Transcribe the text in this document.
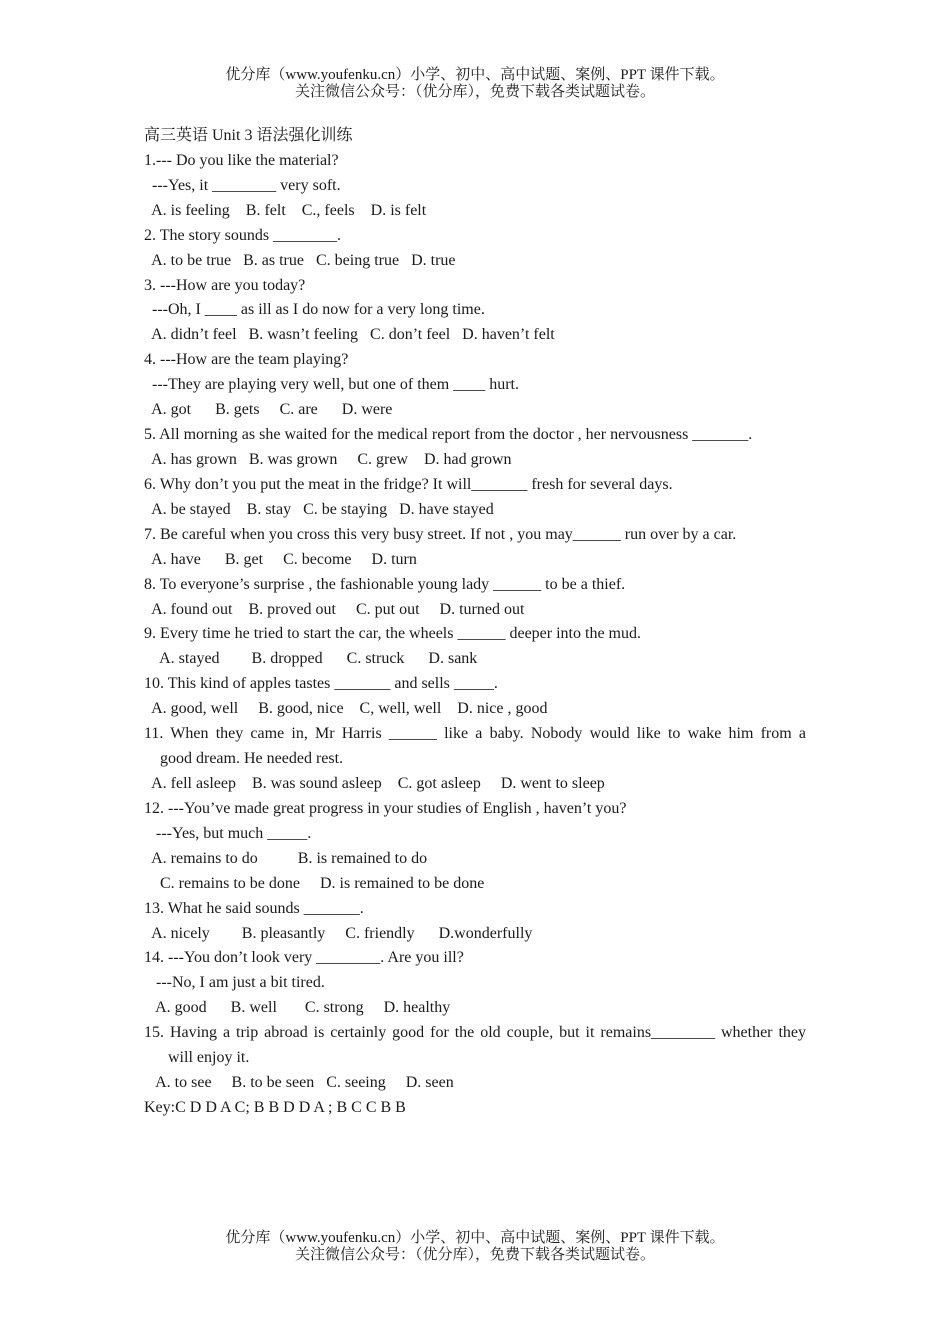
优分库（www.youfenku.cn）小学、初中、高中试题、案例、PPT 课件下载。
关注微信公众号：（优分库），免费下载各类试题试卷。
高三英语 Unit 3 语法强化训练
1.--- Do you like the material?
---Yes, it ________ very soft.
A. is feeling    B. felt    C., feels    D. is felt
2. The story sounds ________.
A. to be true   B. as true   C. being true   D. true
3. ---How are you today?
---Oh, I ____ as ill as I do now for a very long time.
A. didn’t feel   B. wasn’t feeling   C. don’t feel   D. haven’t felt
4. ---How are the team playing?
---They are playing very well, but one of them ____ hurt.
A. got      B. gets     C. are      D. were
5. All morning as she waited for the medical report from the doctor , her nervousness _______.
A. has grown   B. was grown     C. grew    D. had grown
6. Why don’t you put the meat in the fridge? It will_______ fresh for several days.
A. be stayed    B. stay   C. be staying   D. have stayed
7. Be careful when you cross this very busy street. If not , you may______ run over by a car.
A. have      B. get     C. become     D. turn
8. To everyone’s surprise , the fashionable young lady ______ to be a thief.
A. found out    B. proved out     C. put out     D. turned out
9. Every time he tried to start the car, the wheels ______ deeper into the mud.
A. stayed        B. dropped      C. struck      D. sank
10. This kind of apples tastes _______ and sells _____.
A. good, well     B. good, nice    C, well, well    D. nice , good
11. When they came in, Mr Harris ______ like a baby. Nobody would like to wake him from a
good dream. He needed rest.
A. fell asleep    B. was sound asleep    C. got asleep     D. went to sleep
12. ---You’ve made great progress in your studies of English , haven’t you?
---Yes, but much _____.
A. remains to do          B. is remained to do
C. remains to be done     D. is remained to be done
13. What he said sounds _______.
A. nicely        B. pleasantly     C. friendly      D.wonderfully
14. ---You don’t look very ________. Are you ill?
---No, I am just a bit tired.
A. good      B. well       C. strong     D. healthy
15. Having a trip abroad is certainly good for the old couple, but it remains________ whether they
will enjoy it.
A. to see     B. to be seen   C. seeing     D. seen
Key:C D D A C; B B D D A ; B C C B B
优分库（www.youfenku.cn）小学、初中、高中试题、案例、PPT 课件下载。
关注微信公众号：（优分库），免费下载各类试题试卷。
